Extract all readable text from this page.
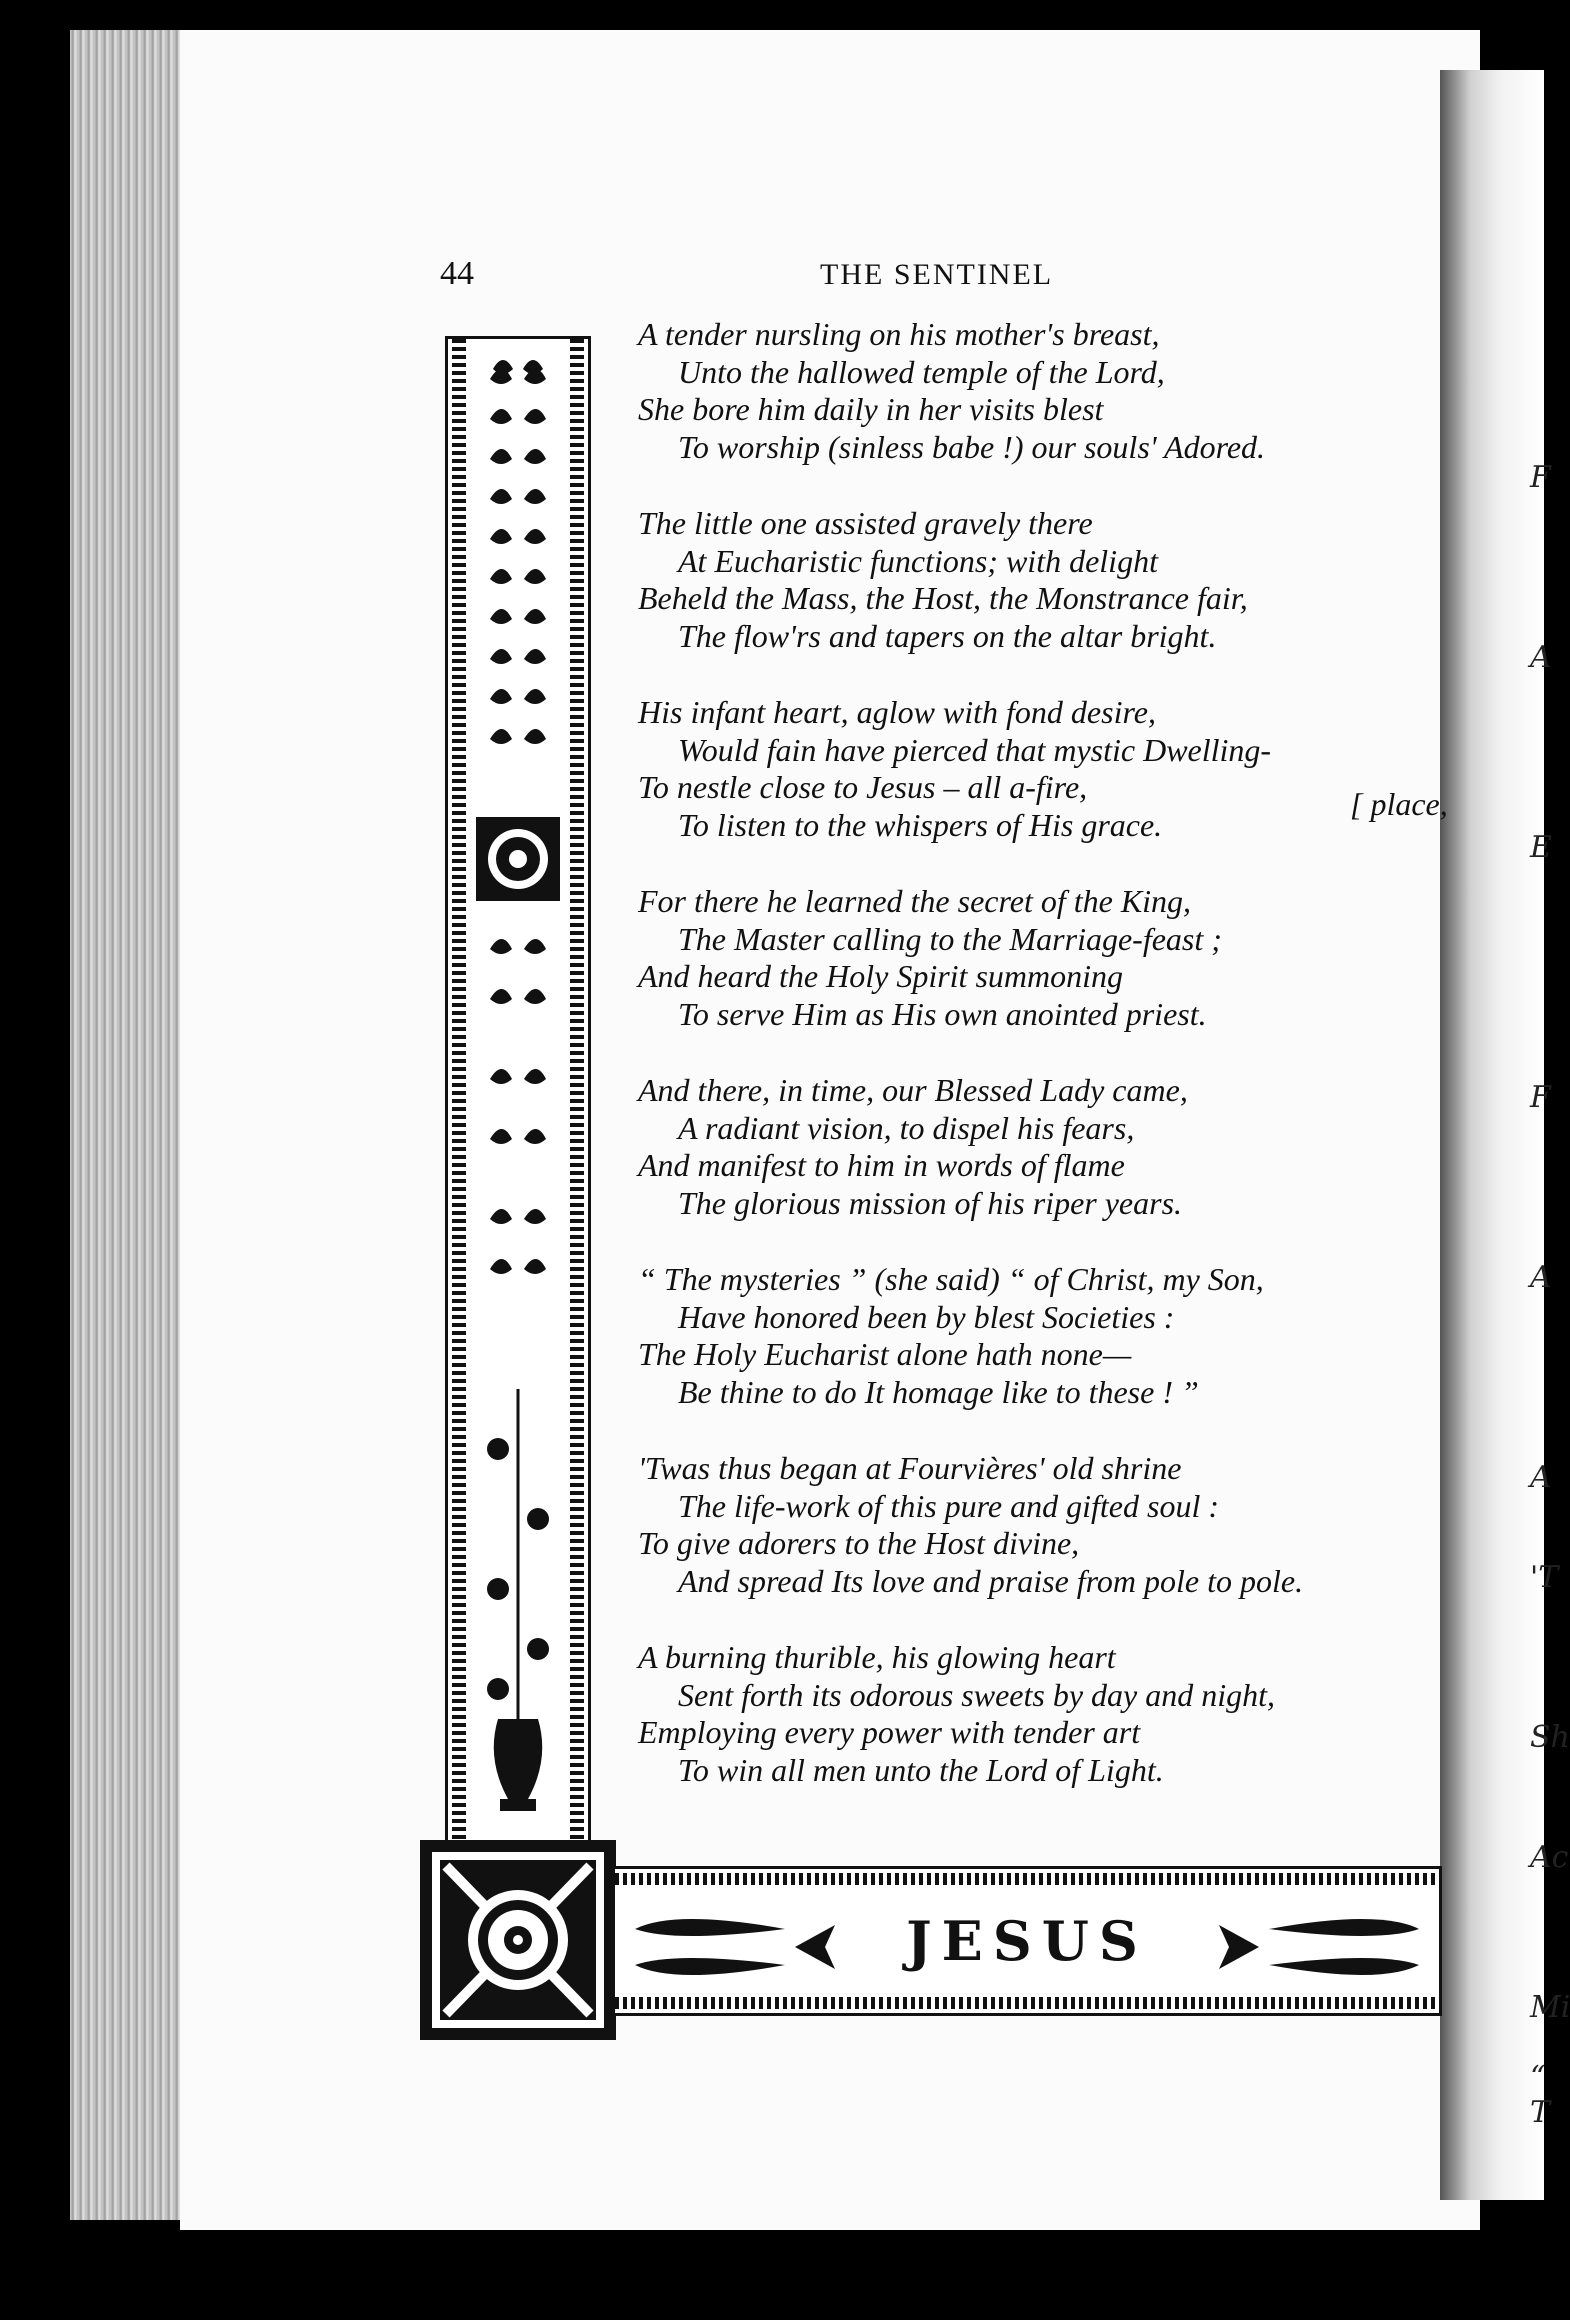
F
A
E
F
A
A
'T
Sh
Ac
Mi
“ T
44	THE SENTINEL
JESUS
A tender nursling on his mother's breast,
Unto the hallowed temple of the Lord,
She bore him daily in her visits blest
To worship (sinless babe !) our souls' Adored.
The little one assisted gravely there
At Eucharistic functions; with delight
Beheld the Mass, the Host, the Monstrance fair,
The flow'rs and tapers on the altar bright.
His infant heart, aglow with fond desire,
Would fain have pierced that mystic Dwelling-
To nestle close to Jesus – all a-fire,
To listen to the whispers of His grace.
For there he learned the secret of the King,
The Master calling to the Marriage-feast ;
And heard the Holy Spirit summoning
To serve Him as His own anointed priest.
And there, in time, our Blessed Lady came,
A radiant vision, to dispel his fears,
And manifest to him in words of flame
The glorious mission of his riper years.
“ The mysteries ” (she said) “ of Christ, my Son,
Have honored been by blest Societies :
The Holy Eucharist alone hath none—
Be thine to do It homage like to these ! ”
'Twas thus began at Fourvières' old shrine
The life-work of this pure and gifted soul :
To give adorers to the Host divine,
And spread Its love and praise from pole to pole.
A burning thurible, his glowing heart
Sent forth its odorous sweets by day and night,
Employing every power with tender art
To win all men unto the Lord of Light.
[ place,
